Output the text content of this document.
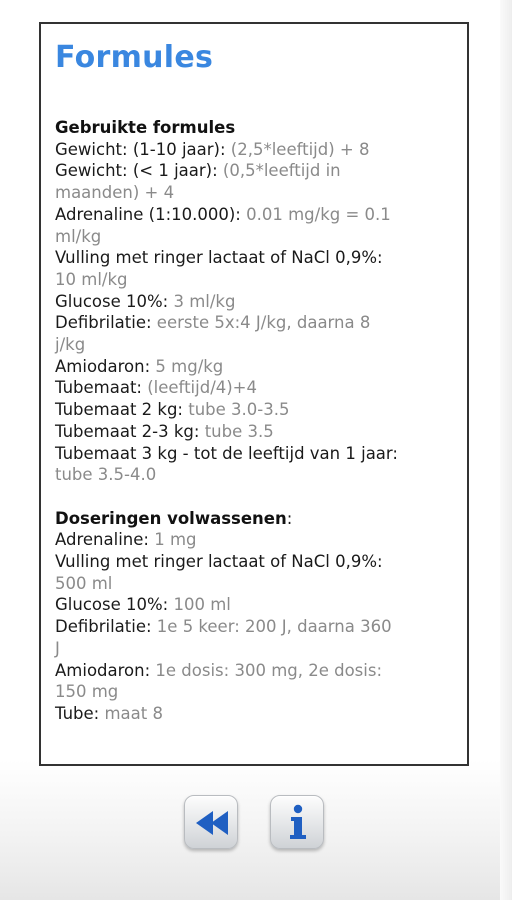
Formules
Gebruikte formules
Gewicht: (1-10 jaar): (2,5*leeftijd) + 8
Gewicht: (< 1 jaar): (0,5*leeftijd in
maanden) + 4
Adrenaline (1:10.000): 0.01 mg/kg = 0.1
ml/kg
Vulling met ringer lactaat of NaCl 0,9%:
10 ml/kg
Glucose 10%: 3 ml/kg
Defibrilatie: eerste 5x:4 J/kg, daarna 8
j/kg
Amiodaron: 5 mg/kg
Tubemaat: (leeftijd/4)+4
Tubemaat 2 kg: tube 3.0-3.5
Tubemaat 2-3 kg: tube 3.5
Tubemaat 3 kg - tot de leeftijd van 1 jaar:
tube 3.5-4.0
Doseringen volwassenen:
Adrenaline: 1 mg
Vulling met ringer lactaat of NaCl 0,9%:
500 ml
Glucose 10%: 100 ml
Defibrilatie: 1e 5 keer: 200 J, daarna 360
J
Amiodaron: 1e dosis: 300 mg, 2e dosis:
150 mg
Tube: maat 8
